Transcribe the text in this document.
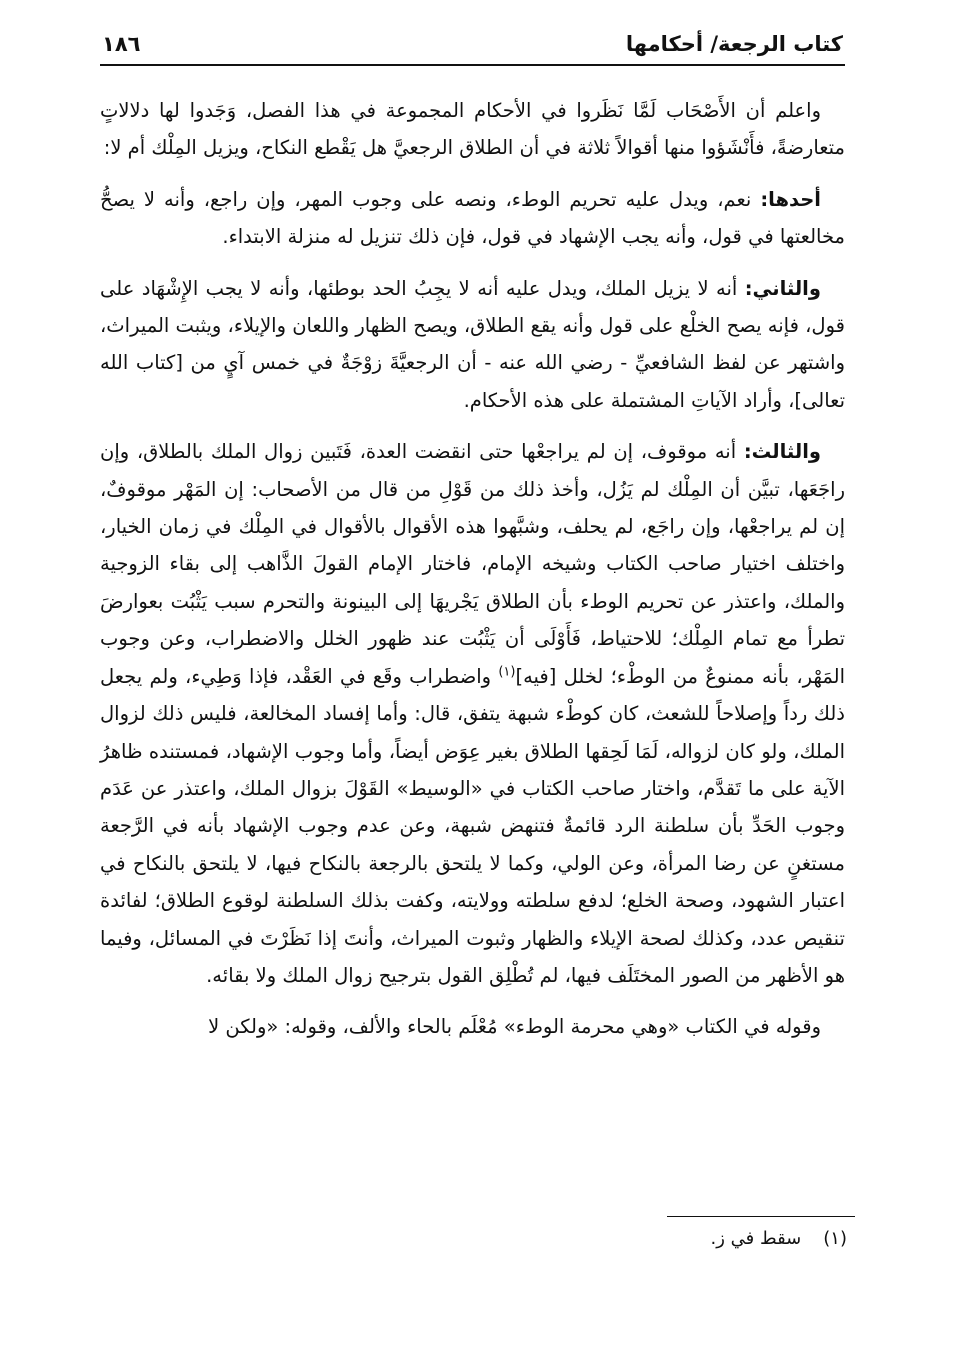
كتاب الرجعة/ أحكامها
١٨٦

واعلم أن الأَصْحَاب لَمَّا نَظَروا في الأحكام المجموعة في هذا الفصل، وَجَدوا لها دلالاتٍ متعارضةً، فأَنْشَؤوا منها أقوالاً ثلاثة في أن الطلاق الرجعيَّ هل يَقْطع النكاح، ويزيل المِلْك أم لا:

أحدها: نعم، ويدل عليه تحريم الوطء، ونصه على وجوب المهر، وإن راجع، وأنه لا يصحُّ مخالعتها في قول، وأنه يجب الإشهاد في قول، فإن ذلك تنزيل له منزلة الابتداء.

والثاني: أنه لا يزيل الملك، ويدل عليه أنه لا يجِبُ الحد بوطئها، وأنه لا يجب الإِشْهَاد على قول، فإنه يصح الخلْع على قول وأنه يقع الطلاق، ويصح الظهار واللعان والإيلاء، ويثبت الميراث، واشتهر عن لفظ الشافعيِّ - رضي الله عنه - أن الرجعيَّةَ زوْجَةٌ في خمس آيٍ من [كتاب الله تعالى]، وأراد الآياتِ المشتملة على هذه الأحكام.

والثالث: أنه موقوف، إن لم يراجعْها حتى انقضت العدة، فَتَبين زوال الملك بالطلاق، وإن راجَعَها، تبيَّن أن المِلْك لم يَزُل، وأخذ ذلك من قَوْلِ من قال من الأصحاب: إن المَهْر موقوفٌ، إن لم يراجعْها، وإن راجَع، لم يحلف، وشبَّهوا هذه الأقوال بالأقوال في المِلْك في زمان الخيار، واختلف اختيار صاحب الكتاب وشيخه الإمام، فاختار الإمام القولَ الذَّاهب إلى بقاء الزوجية والملك، واعتذر عن تحريم الوطء بأن الطلاق يَجْريهَا إلى البينونة والتحرم سبب يَثْبُت بعوارضَ تطرأ مع تمام المِلْك؛ للاحتياط، فَأَوْلَى أن يَثْبُت عند ظهور الخلل والاضطراب، وعن وجوب المَهْر، بأنه ممنوعٌ من الوطْء؛ لخلل [فيه]$^{(١)}$ واضطراب وقَع في العَقْد، فإذا وَطِيء، ولم يجعل ذلك رداً وإصلاحاً للشعث، كان كوطْء شبهة يتفق، قال: وأما إفساد المخالعة، فليس ذلك لزوال الملك، ولو كان لزواله، لَمَا لَحِقها الطلاق بغير عِوَض أيضاً، وأما وجوب الإشهاد، فمستنده ظاهرُ الآية على ما تَقدَّم، واختار صاحب الكتاب في «الوسيط» القَوْلَ بزوال الملك، واعتذر عن عَدَم وجوب الحَدِّ بأن سلطنة الرد قائمةٌ فتنهض شبهة، وعن عدم وجوب الإشهاد بأنه في الرَّجعة مستغنٍ عن رضا المرأة، وعن الولي، وكما لا يلتحق بالرجعة بالنكاح فيها، لا يلتحق بالنكاح في اعتبار الشهود، وصحة الخلع؛ لدفع سلطته وولايته، وكفت بذلك السلطنة لوقوع الطلاق؛ لفائدة تنقيص عدد، وكذلك لصحة الإيلاء والظهار وثبوت الميراث، وأنتَ إذا نَظَرْتَ في المسائل، وفيما هو الأظهر من الصور المختَلَف فيها، لم تُطْلِق القول بترجيح زوال الملك ولا بقائه.

وقوله في الكتاب «وهي محرمة الوطء» مُعْلَم بالحاء والألف، وقوله: «ولكن لا

(١)سقط في ز.
